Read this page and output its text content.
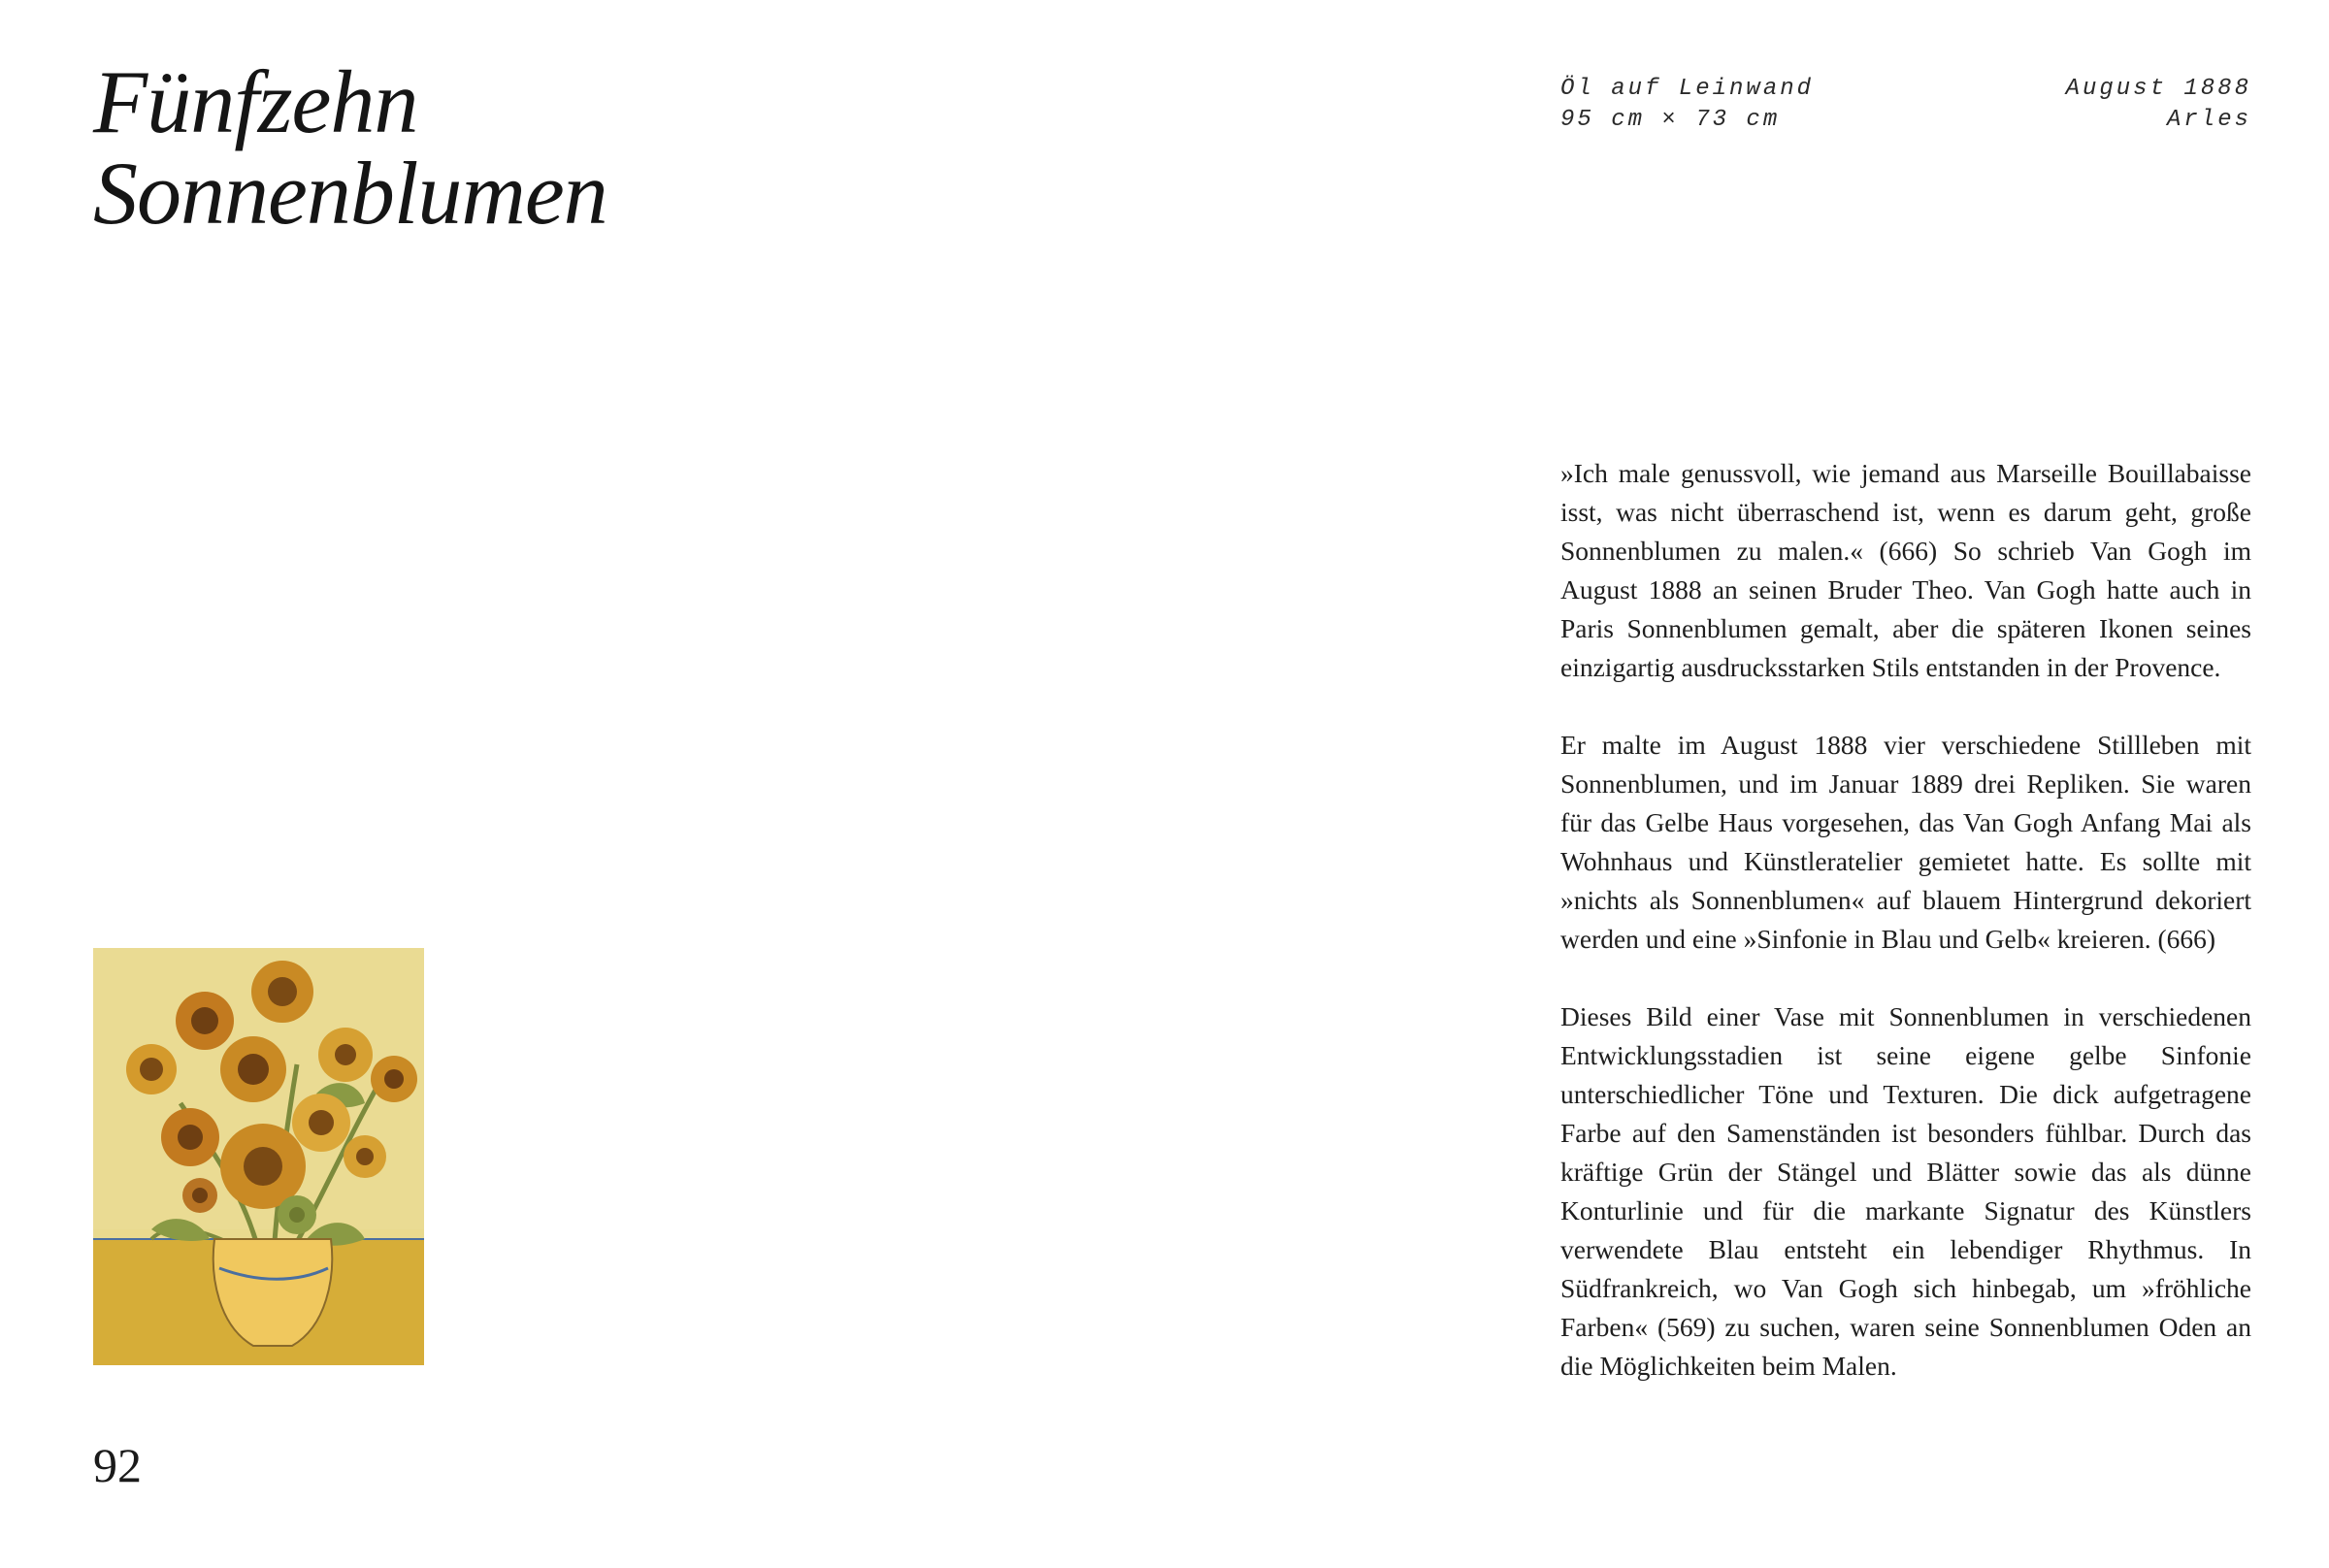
Fünfzehn
Sonnenblumen
Öl auf Leinwand
95 cm × 73 cm
August 1888
Arles

»Ich male genussvoll, wie jemand aus Marseille Bouillabaisse isst, was nicht überraschend ist, wenn es darum geht, große Sonnenblumen zu malen.« (666) So schrieb Van Gogh im August 1888 an seinen Bruder Theo. Van Gogh hatte auch in Paris Sonnenblumen gemalt, aber die späteren Ikonen seines einzigartig ausdrucksstarken Stils entstanden in der Provence.

Er malte im August 1888 vier verschiedene Stillleben mit Sonnenblumen, und im Januar 1889 drei Repliken. Sie waren für das Gelbe Haus vorgesehen, das Van Gogh Anfang Mai als Wohnhaus und Künstleratelier gemietet hatte. Es sollte mit »nichts als Sonnenblumen« auf blauem Hintergrund dekoriert werden und eine »Sinfonie in Blau und Gelb« kreieren. (666)

Dieses Bild einer Vase mit Sonnenblumen in verschiedenen Entwicklungsstadien ist seine eigene gelbe Sinfonie unterschiedlicher Töne und Texturen. Die dick aufgetragene Farbe auf den Samenständen ist besonders fühlbar. Durch das kräftige Grün der Stängel und Blätter sowie das als dünne Konturlinie und für die markante Signatur des Künstlers verwendete Blau entsteht ein lebendiger Rhythmus. In Südfrankreich, wo Van Gogh sich hinbegab, um »fröhliche Farben« (569) zu suchen, waren seine Sonnenblumen Oden an die Möglichkeiten beim Malen.

92
